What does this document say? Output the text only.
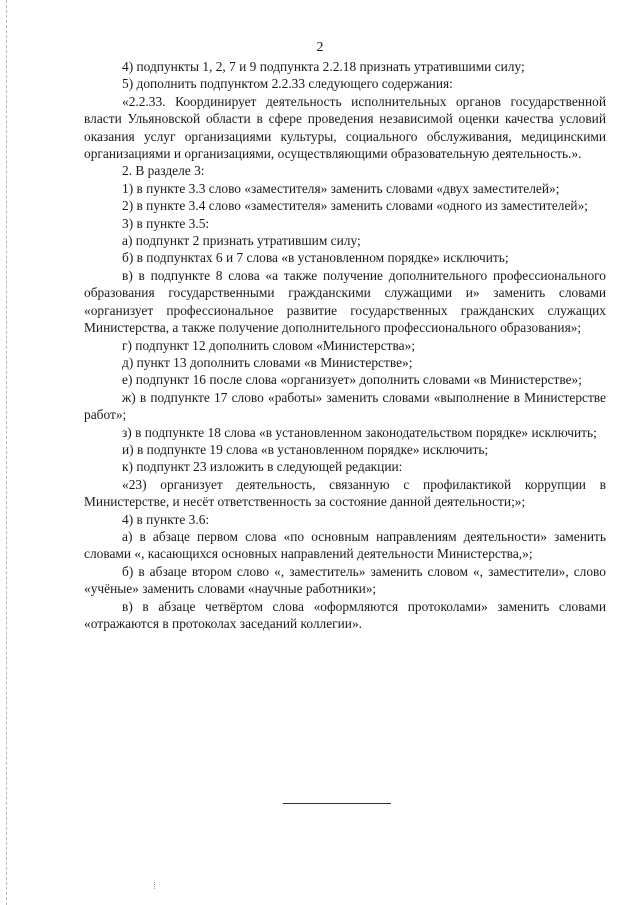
2

4) подпункты 1, 2, 7 и 9 подпункта 2.2.18 признать утратившими силу;

5) дополнить подпунктом 2.2.33 следующего содержания:

«2.2.33. Координирует деятельность исполнительных органов государственной власти Ульяновской области в сфере проведения независимой оценки качества условий оказания услуг организациями культуры, социального обслуживания, медицинскими организациями и организациями, осуществляющими образовательную деятельность.».

2. В разделе 3:

1) в пункте 3.3 слово «заместителя» заменить словами «двух заместителей»;

2) в пункте 3.4 слово «заместителя» заменить словами «одного из заместителей»;

3) в пункте 3.5:

а) подпункт 2 признать утратившим силу;

б) в подпунктах 6 и 7 слова «в установленном порядке» исключить;

в) в подпункте 8 слова «а также получение дополнительного профессионального образования государственными гражданскими служащими и» заменить словами «организует профессиональное развитие государственных гражданских служащих Министерства, а также получение дополнительного профессионального образования»;

г) подпункт 12 дополнить словом «Министерства»;

д) пункт 13 дополнить словами «в Министерстве»;

е) подпункт 16 после слова «организует» дополнить словами «в Министерстве»;

ж) в подпункте 17 слово «работы» заменить словами «выполнение в Министерстве работ»;

з) в подпункте 18 слова «в установленном законодательством порядке» исключить;

и) в подпункте 19 слова «в установленном порядке» исключить;

к) подпункт 23 изложить в следующей редакции:

«23) организует деятельность, связанную с профилактикой коррупции в Министерстве, и несёт ответственность за состояние данной деятельности;»;

4) в пункте 3.6:

а) в абзаце первом слова «по основным направлениям деятельности» заменить словами «, касающихся основных направлений деятельности Министерства,»;

б) в абзаце втором слово «, заместитель» заменить словом «, заместители», слово «учёные» заменить словами «научные работники»;

в) в абзаце четвёртом слова «оформляются протоколами» заменить словами «отражаются в протоколах заседаний коллегии».
